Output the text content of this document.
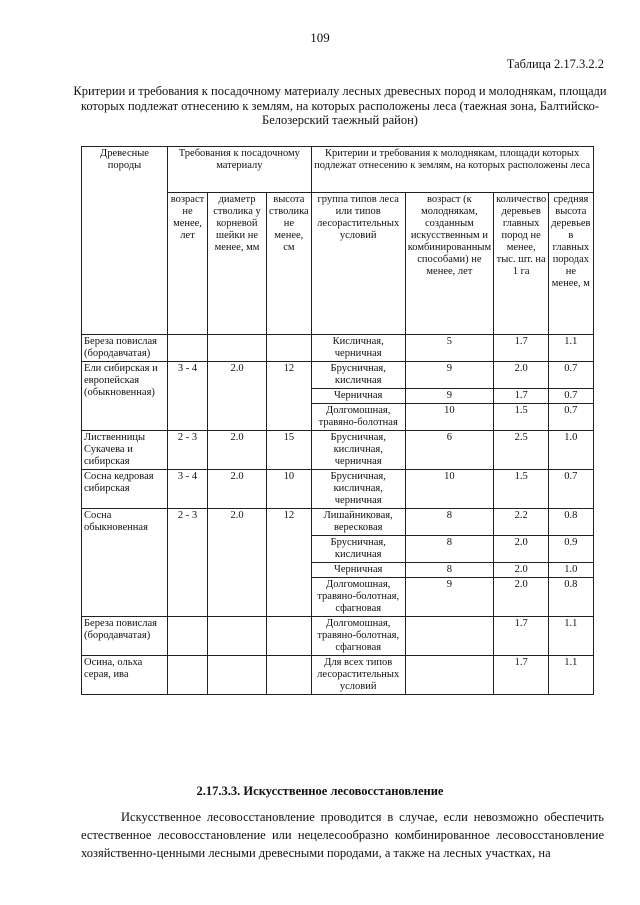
109
Таблица 2.17.3.2.2
Критерии и требования к посадочному материалу лесных древесных пород и молоднякам, площади которых подлежат отнесению к землям, на которых расположены леса (таежная зона, Балтийско-Белозерский таежный район)
Древесные породы	Требования к посадочному материалу			Критерии и требования к молоднякам, площади которых подлежат отнесению к землям, на которых расположены леса			
	возраст не менее, лет	диаметр стволика у корневой шейки не менее, мм	высота стволика не менее, см	группа типов леса или типов лесорастительных условий	возраст (к молоднякам, созданным искусственным и комбинированным способами) не менее, лет	количество деревьев главных пород не менее, тыс. шт. на 1 га	средняя высота деревьев в главных породах не менее, м
Береза повислая (бородавчатая)				Кисличная, черничная	5	1.7	1.1
Ели сибирская и европейская (обыкновенная)	3 - 4	2.0	12	Брусничная, кисличная	9	2.0	0.7
				Черничная	9	1.7	0.7
				Долгомошная, травяно-болотная	10	1.5	0.7
Лиственницы Сукачева и сибирская	2 - 3	2.0	15	Брусничная, кисличная, черничная	6	2.5	1.0
Сосна кедровая сибирская	3 - 4	2.0	10	Брусничная, кисличная, черничная	10	1.5	0.7
Сосна обыкновенная	2 - 3	2.0	12	Лишайниковая, вересковая	8	2.2	0.8
				Брусничная, кисличная	8	2.0	0.9
				Черничная	8	2.0	1.0
				Долгомошная, травяно-болотная, сфагновая	9	2.0	0.8
Береза повислая (бородавчатая)				Долгомошная, травяно-болотная, сфагновая		1.7	1.1
Осина, ольха серая, ива				Для всех типов лесорастительных условий		1.7	1.1
2.17.3.3. Искусственное лесовосстановление
Искусственное лесовосстановление проводится в случае, если невозможно обеспечить естественное лесовосстановление или нецелесообразно комбинированное лесовосстановление хозяйственно-ценными лесными древесными породами, а также на лесных участках, на
